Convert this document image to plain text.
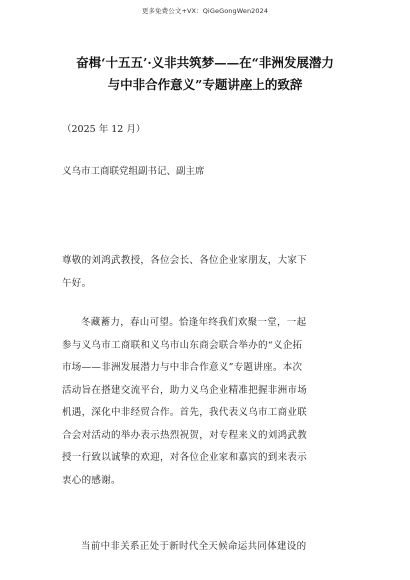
更多免费公文+VX：QiGeGongWen2024
奋楫‘十五五’·义非共筑梦——在“非洲发展潜力
与中非合作意义”专题讲座上的致辞
（2025 年 12 月）
义乌市工商联党组副书记、副主席
尊敬的刘鸿武教授，各位会长、各位企业家朋友，大家下
午好。
冬藏蓄力，春山可望。恰逢年终我们欢聚一堂，一起
参与义乌市工商联和义乌市山东商会联合举办的“义企拓
市场——非洲发展潜力与中非合作意义”专题讲座。本次
活动旨在搭建交流平台，助力义乌企业精准把握非洲市场
机遇，深化中非经贸合作。首先，我代表义乌市工商业联
合会对活动的举办表示热烈祝贺，对专程来义的刘鸿武教
授一行致以诚挚的欢迎，对各位企业家和嘉宾的到来表示
衷心的感谢。
当前中非关系正处于新时代全天候命运共同体建设的
